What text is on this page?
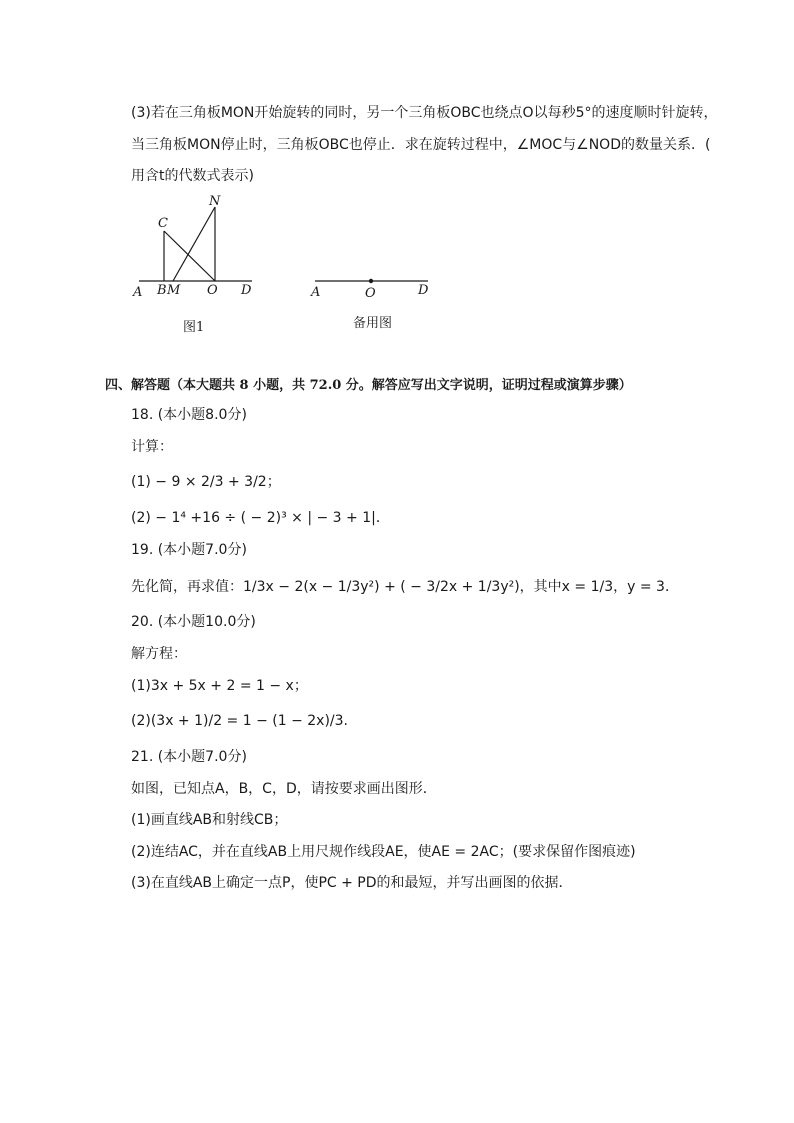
(3)若在三角板MON开始旋转的同时，另一个三角板OBC也绕点O以每秒5°的速度顺时针旋转，
当三角板MON停止时，三角板OBC也停止．求在旋转过程中，∠MOC与∠NOD的数量关系．(
用含t的代数式表示)
A B M O D
C
N
A	O	D
图1	备用图
四、解答题（本大题共 8 小题，共 72.0 分。解答应写出文字说明，证明过程或演算步骤）
18. (本小题8.0分)
计算：
(1) − 9 × 2/3 + 3/2；
(2) − 1⁴ +16 ÷ ( − 2)³ × | − 3 + 1|．
19. (本小题7.0分)
先化简，再求值：1/3x − 2(x − 1/3y²) + ( − 3/2x + 1/3y²)，其中x = 1/3，y = 3．
20. (本小题10.0分)
解方程：
(1)3x + 5x + 2 = 1 − x；
(2)(3x + 1)/2 = 1 − (1 − 2x)/3.
21. (本小题7.0分)
如图，已知点A，B，C，D，请按要求画出图形．
(1)画直线AB和射线CB；
(2)连结AC，并在直线AB上用尺规作线段AE，使AE = 2AC；(要求保留作图痕迹)
(3)在直线AB上确定一点P，使PC + PD的和最短，并写出画图的依据．
